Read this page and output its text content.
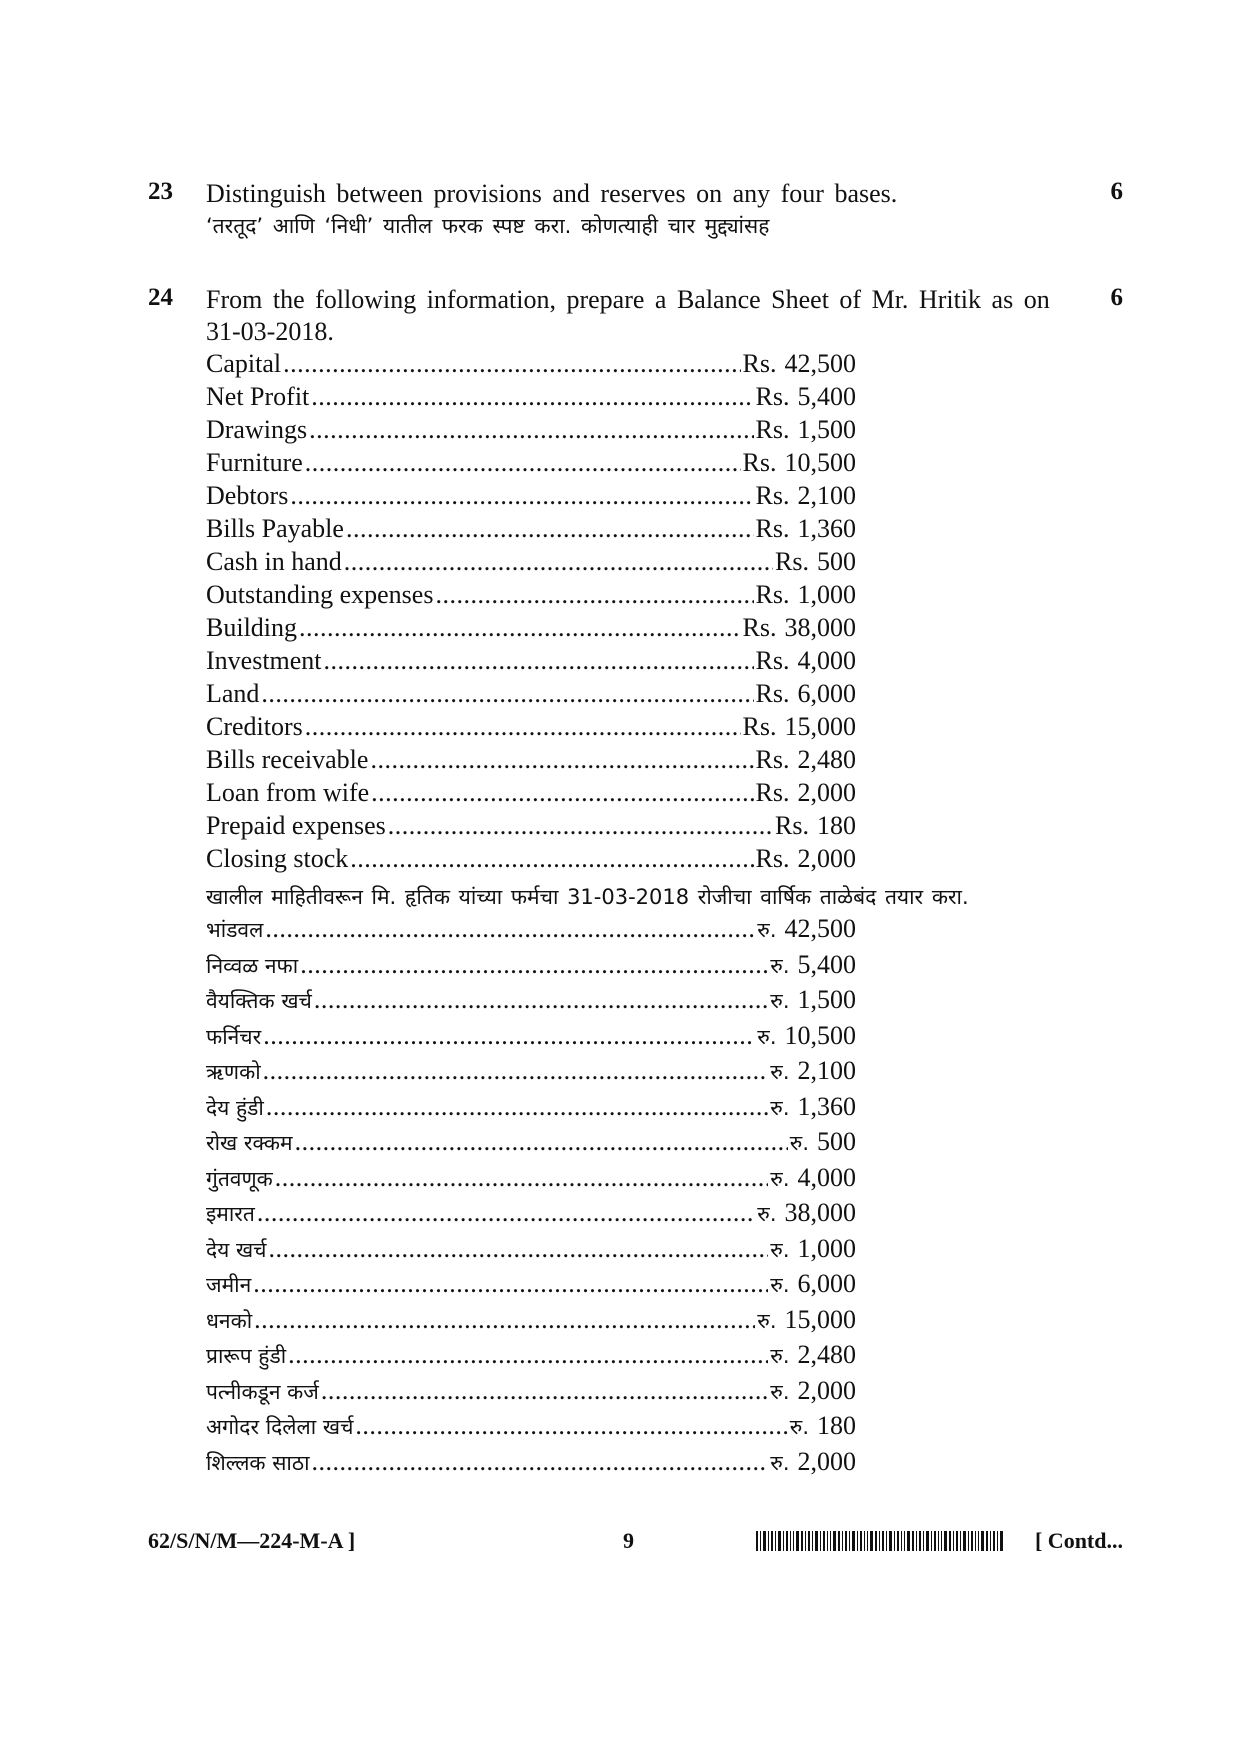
23 Distinguish between provisions and reserves on any four bases.
‘तरतूद’ आणि ‘निधी’ यातील फरक स्पष्ट करा. कोणत्याही चार मुद्द्यांसह
6
24 From the following information, prepare a Balance Sheet of Mr. Hritik as on 31-03-2018.
6
Capital .....	Rs. 42,500
Net Profit .....	Rs. 5,400
Drawings .....	Rs. 1,500
Furniture .....	Rs. 10,500
Debtors .....	Rs. 2,100
Bills Payable .....	Rs. 1,360
Cash in hand .....	Rs. 500
Outstanding expenses .....	Rs. 1,000
Building .....	Rs. 38,000
Investment .....	Rs. 4,000
Land .....	Rs. 6,000
Creditors .....	Rs. 15,000
Bills receivable .....	Rs. 2,480
Loan from wife .....	Rs. 2,000
Prepaid expenses .....	Rs. 180
Closing stock .....	Rs. 2,000
खालील माहितीवरून मि. हृतिक यांच्या फर्मचा 31-03-2018 रोजीचा वार्षिक ताळेबंद तयार करा.
भांडवल .....	रु. 42,500
निव्वळ नफा .....	रु. 5,400
वैयक्तिक खर्च .....	रु. 1,500
फर्निचर .....	रु. 10,500
ऋणको .....	रु. 2,100
देय हुंडी .....	रु. 1,360
रोख रक्कम .....	रु. 500
गुंतवणूक .....	रु. 4,000
इमारत .....	रु. 38,000
देय खर्च .....	रु. 1,000
जमीन .....	रु. 6,000
धनको .....	रु. 15,000
प्रारूप हुंडी .....	रु. 2,480
पत्नीकडून कर्ज .....	रु. 2,000
अगोदर दिलेला खर्च .....	रु. 180
शिल्लक साठा .....	रु. 2,000
62/S/N/M—224-M-A ]	9	[ Contd...
